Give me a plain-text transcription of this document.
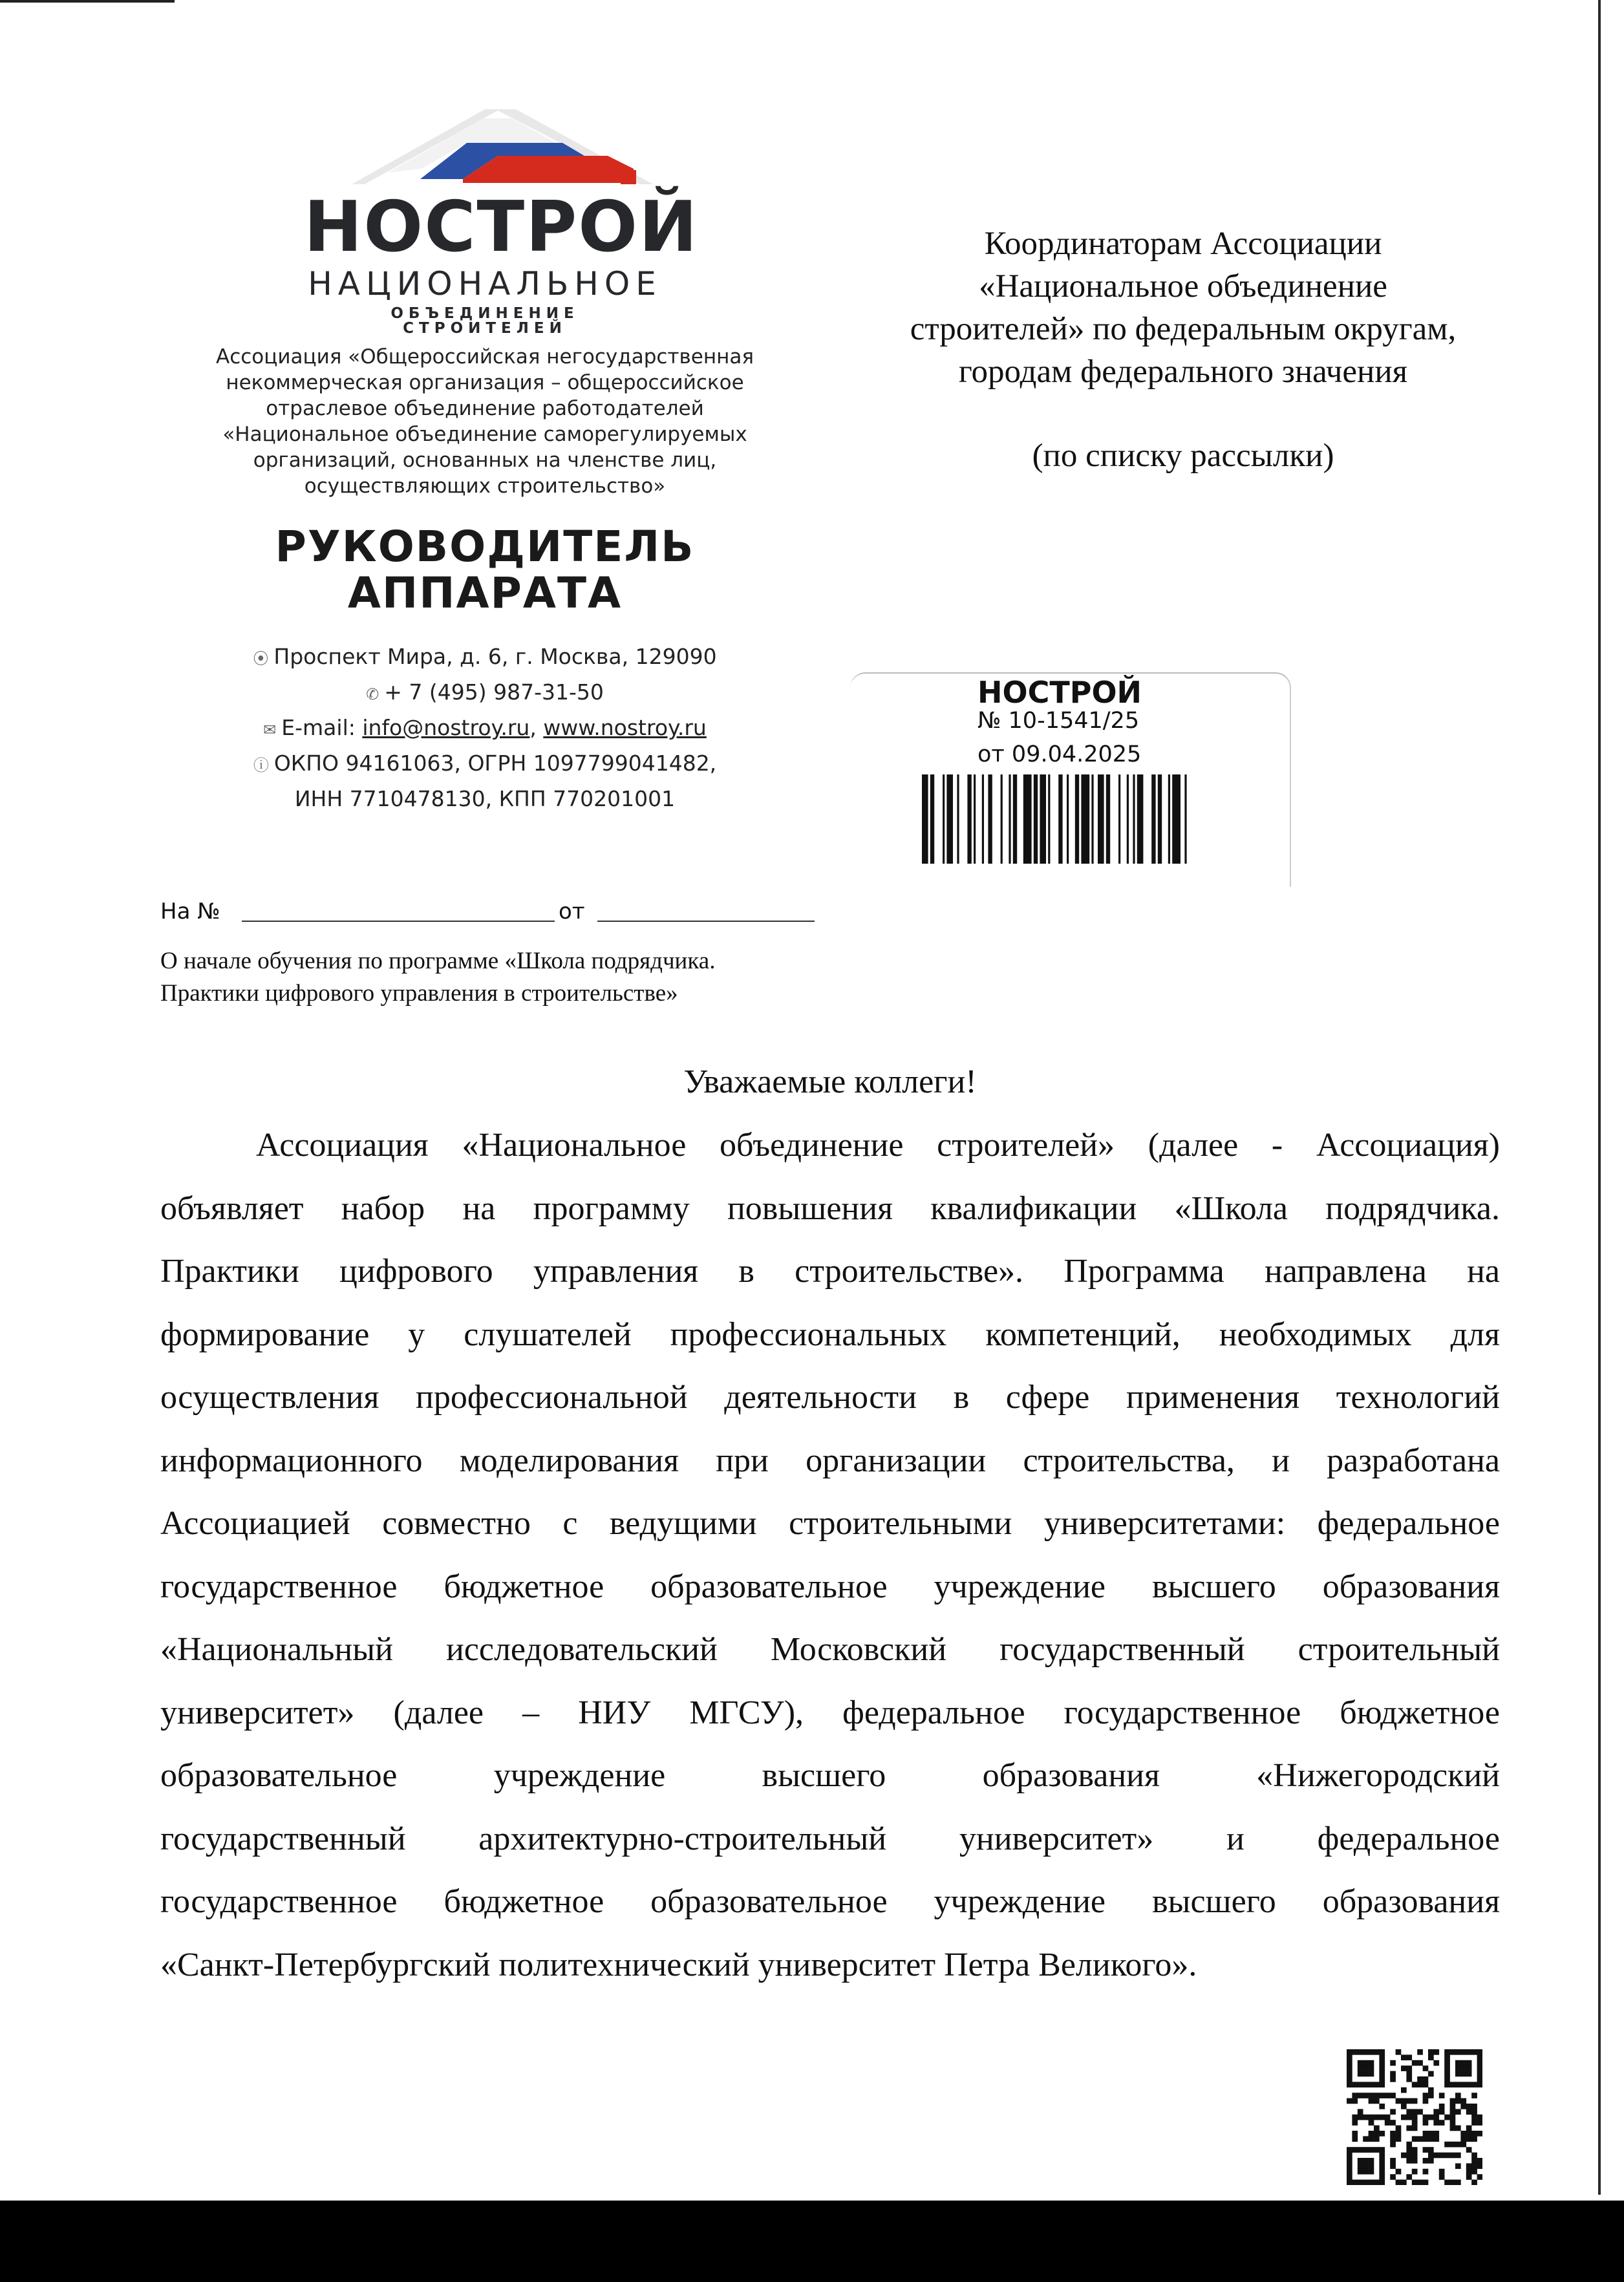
НОСТРОЙ
НАЦИОНАЛЬНОЕ
ОБЪЕДИНЕНИЕ СТРОИТЕЛЕЙ
Ассоциация «Общероссийская негосударственная
некоммерческая организация – общероссийское
отраслевое объединение работодателей
«Национальное объединение саморегулируемых
организаций, основанных на членстве лиц,
осуществляющих строительство»
РУКОВОДИТЕЛЬ
АППАРАТА
⦿ Проспект Мира, д. 6, г. Москва, 129090
✆ + 7 (495) 987-31-50
✉ E-mail: info@nostroy.ru, www.nostroy.ru
ⓘ ОКПО 94161063, ОГРН 1097799041482,
ИНН 7710478130, КПП 770201001
Координаторам Ассоциации
«Национальное объединение
строителей» по федеральным округам,
городам федерального значения
(по списку рассылки)
НОСТРОЙ
№ 10-1541/25
от 09.04.2025
На №	от
О начале обучения по программе «Школа подрядчика.
Практики цифрового управления в строительстве»
Уважаемые коллеги!
Ассоциация «Национальное объединение строителей» (далее - Ассоциация)
объявляет набор на программу повышения квалификации «Школа подрядчика.
Практики цифрового управления в строительстве». Программа направлена на
формирование у слушателей профессиональных компетенций, необходимых для
осуществления профессиональной деятельности в сфере применения технологий
информационного моделирования при организации строительства, и разработана
Ассоциацией совместно с ведущими строительными университетами: федеральное
государственное бюджетное образовательное учреждение высшего образования
«Национальный исследовательский Московский государственный строительный
университет» (далее – НИУ МГСУ), федеральное государственное бюджетное
образовательное учреждение высшего образования «Нижегородский
государственный архитектурно-строительный университет» и федеральное
государственное бюджетное образовательное учреждение высшего образования
«Санкт-Петербургский политехнический университет Петра Великого».
